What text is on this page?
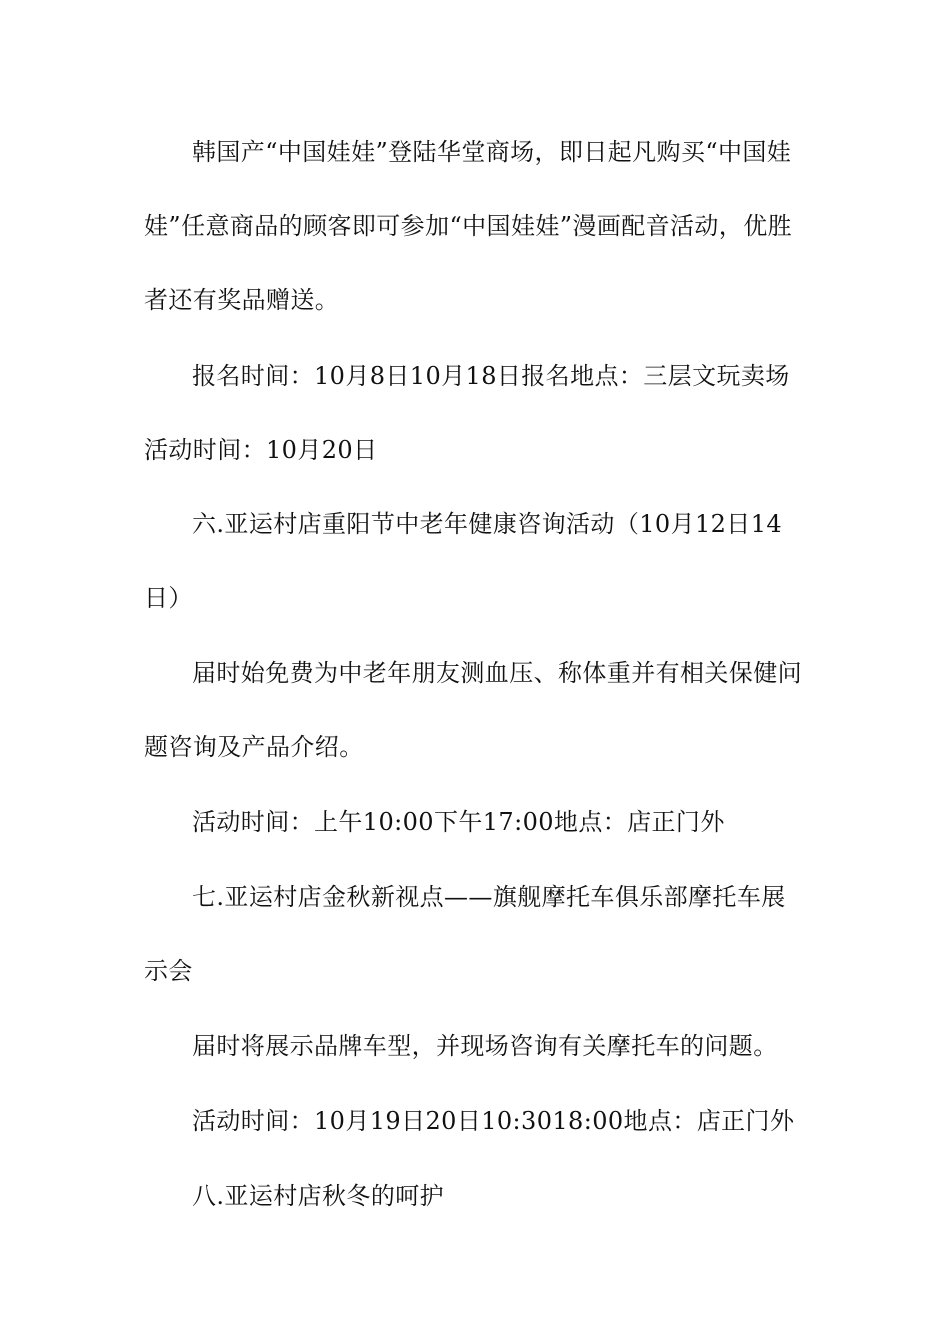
韩国产“中国娃娃”登陆华堂商场，即日起凡购买“中国娃娃”任意商品的顾客即可参加“中国娃娃”漫画配音活动，优胜者还有奖品赠送。

报名时间：10月8日10月18日报名地点：三层文玩卖场

活动时间：10月20日

六.亚运村店重阳节中老年健康咨询活动（10月12日14日）

届时始免费为中老年朋友测血压、称体重并有相关保健问题咨询及产品介绍。

活动时间：上午10:00下午17:00地点：店正门外

七.亚运村店金秋新视点——旗舰摩托车俱乐部摩托车展示会

届时将展示品牌车型，并现场咨询有关摩托车的问题。

活动时间：10月19日20日10:3018:00地点：店正门外

八.亚运村店秋冬的呵护
